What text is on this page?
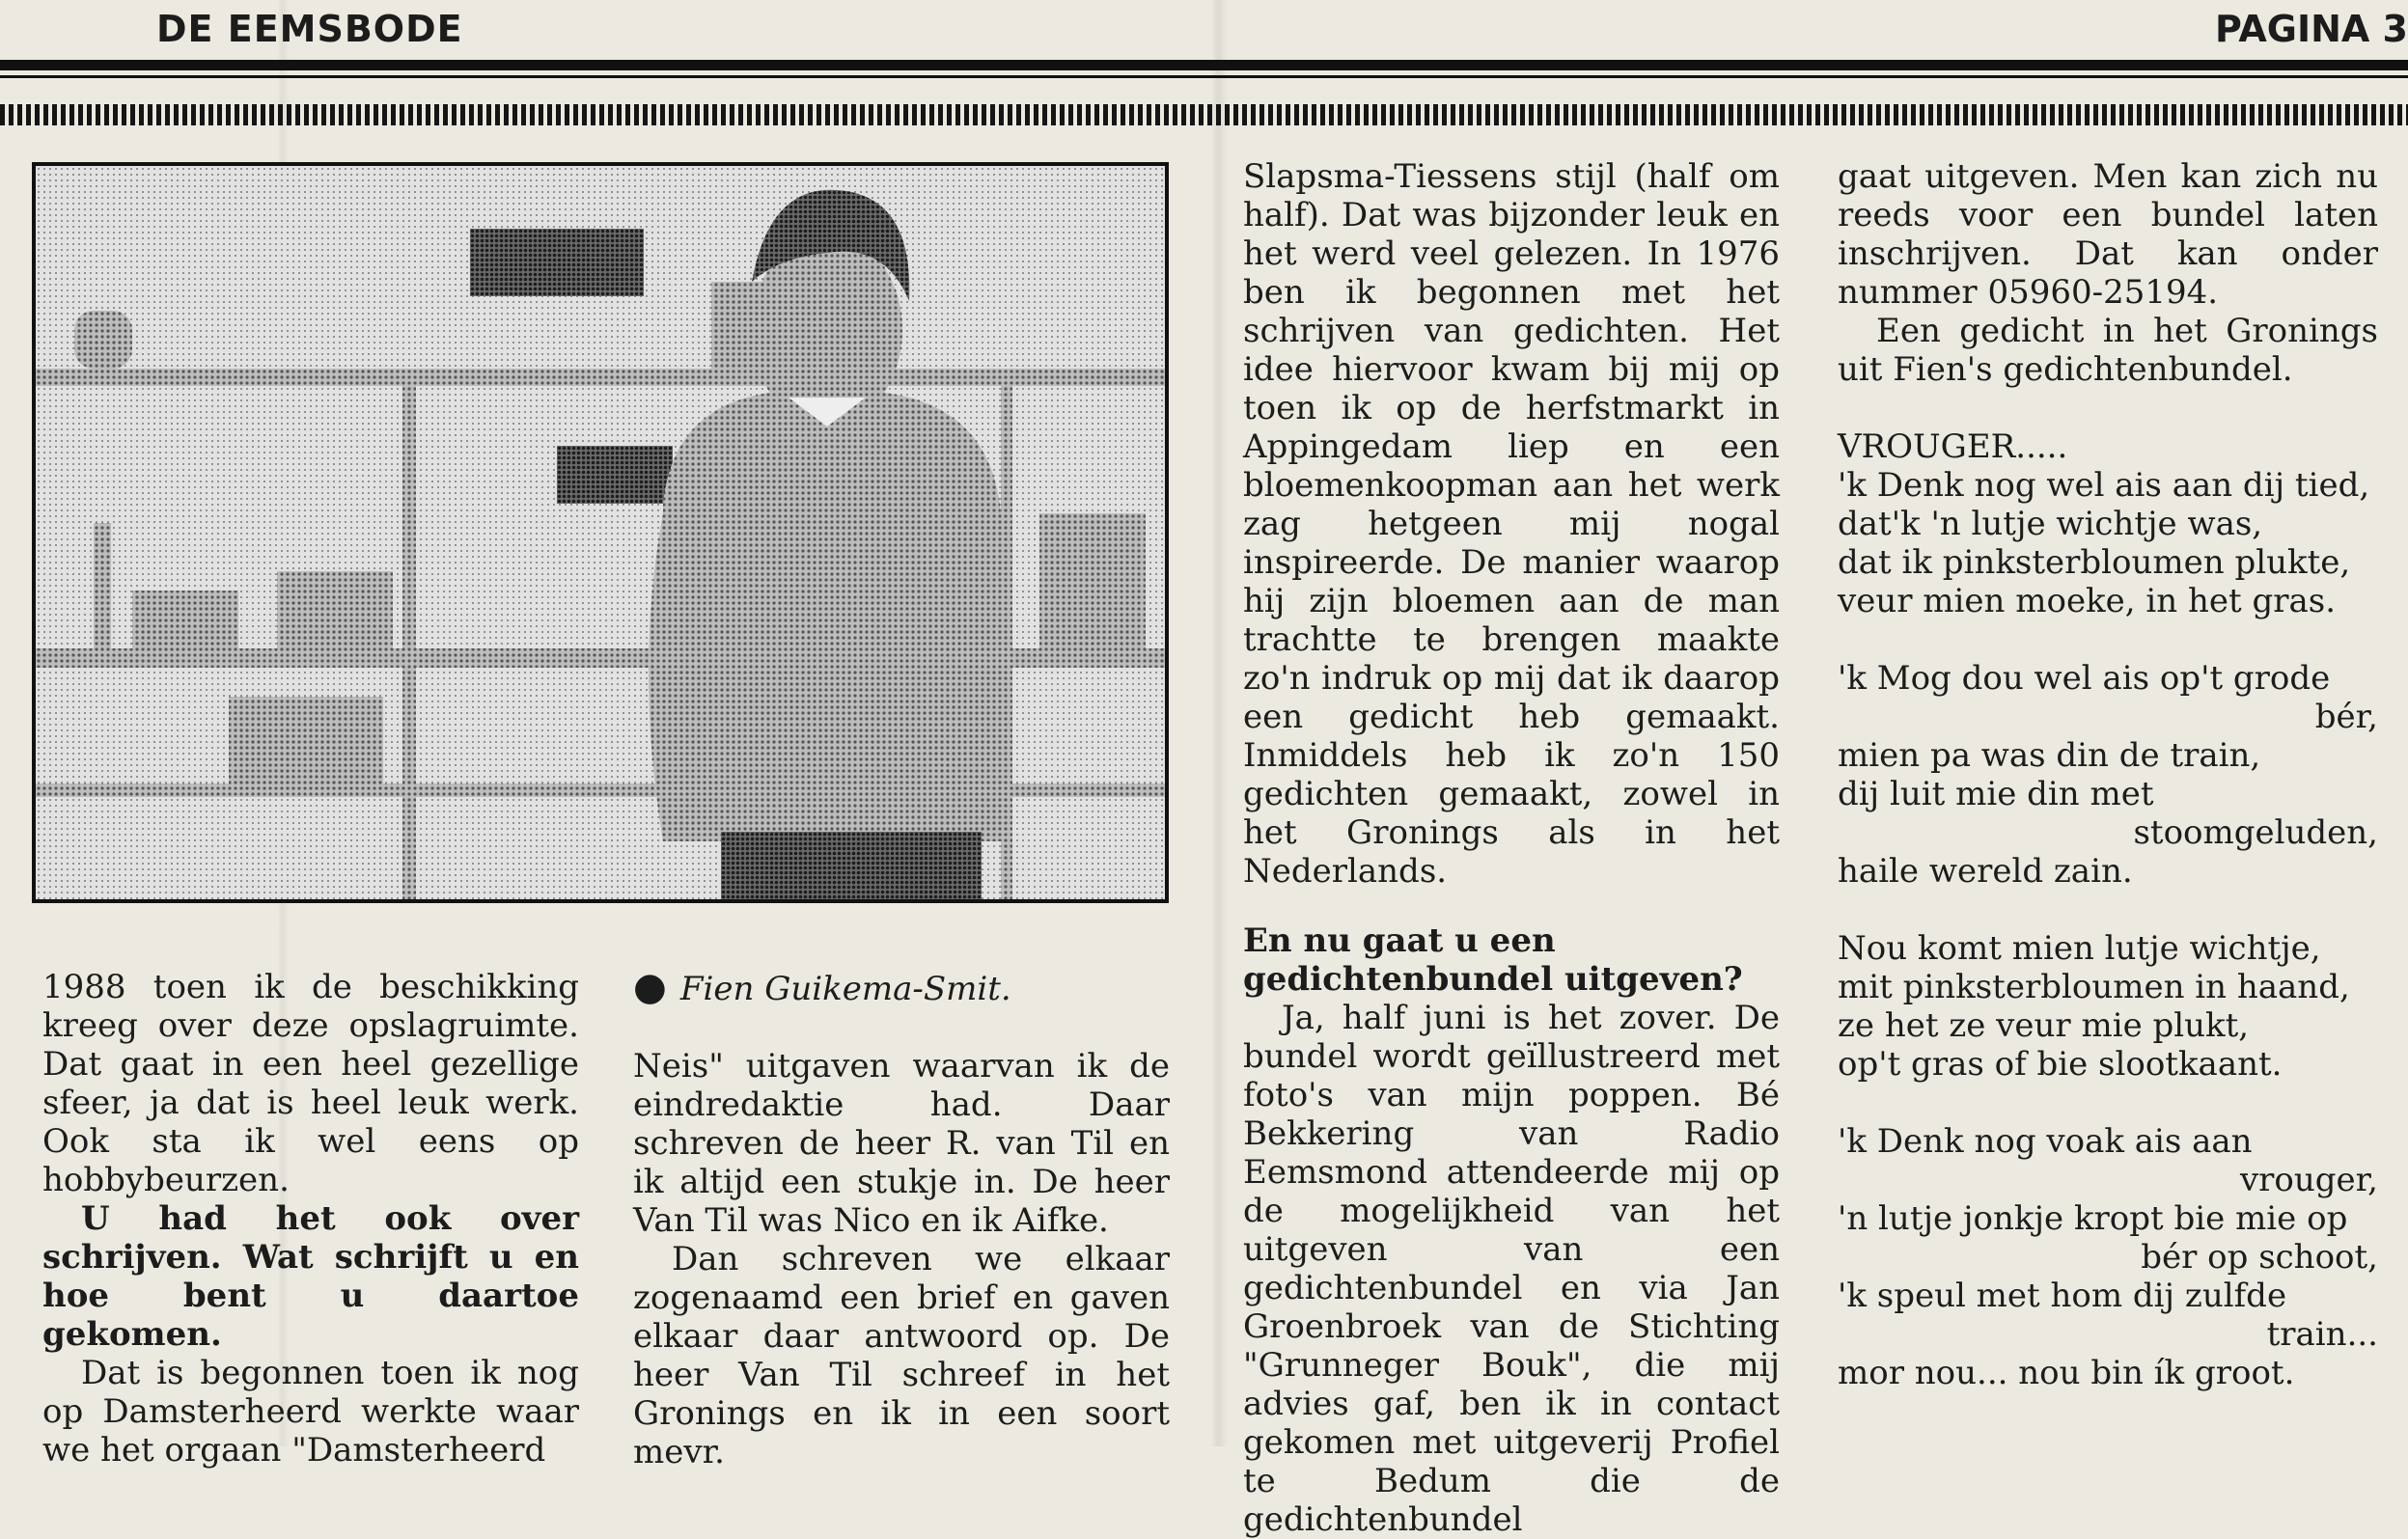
DE EEMSBODE	PAGINA 3

1988 toen ik de beschikking kreeg over deze opslagruimte. Dat gaat in een heel gezellige sfeer, ja dat is heel leuk werk. Ook sta ik wel eens op hobbybeurzen.

U had het ook over schrijven. Wat schrijft u en hoe bent u daartoe gekomen.

Dat is begonnen toen ik nog op Damsterheerd werkte waar we het orgaan "Damsterheerd

● Fien Guikema-Smit.

Neis" uitgaven waarvan ik de eindredaktie had. Daar schreven de heer R. van Til en ik altijd een stukje in. De heer Van Til was Nico en ik Aifke.

Dan schreven we elkaar zogenaamd een brief en gaven elkaar daar antwoord op. De heer Van Til schreef in het Gronings en ik in een soort mevr.

Slapsma-Tiessens stijl (half om half). Dat was bijzonder leuk en het werd veel gelezen. In 1976 ben ik begonnen met het schrijven van gedichten. Het idee hiervoor kwam bij mij op toen ik op de herfstmarkt in Appingedam liep en een bloemenkoopman aan het werk zag hetgeen mij nogal inspireerde. De manier waarop hij zijn bloemen aan de man trachtte te brengen maakte zo'n indruk op mij dat ik daarop een gedicht heb gemaakt. Inmiddels heb ik zo'n 150 gedichten gemaakt, zowel in het Gronings als in het Nederlands.

En nu gaat u een gedichtenbundel uitgeven?

Ja, half juni is het zover. De bundel wordt geïllustreerd met foto's van mijn poppen. Bé Bekkering van Radio Eemsmond attendeerde mij op de mogelijkheid van het uitgeven van een gedichtenbundel en via Jan Groenbroek van de Stichting "Grunneger Bouk", die mij advies gaf, ben ik in contact gekomen met uitgeverij Profiel te Bedum die de gedichtenbundel

gaat uitgeven. Men kan zich nu reeds voor een bundel laten inschrijven. Dat kan onder nummer 05960-25194.

Een gedicht in het Gronings uit Fien's gedichtenbundel.

VROUGER.....

'k Denk nog wel ais aan dij tied,

dat'k 'n lutje wichtje was,

dat ik pinksterbloumen plukte,

veur mien moeke, in het gras.

'k Mog dou wel ais op't grode

bér,

mien pa was din de train,

dij luit mie din met

stoomgeluden,

haile wereld zain.

Nou komt mien lutje wichtje,

mit pinksterbloumen in haand,

ze het ze veur mie plukt,

op't gras of bie slootkaant.

'k Denk nog voak ais aan

vrouger,

'n lutje jonkje kropt bie mie op

bér op schoot,

'k speul met hom dij zulfde

train...

mor nou... nou bin ík groot.
